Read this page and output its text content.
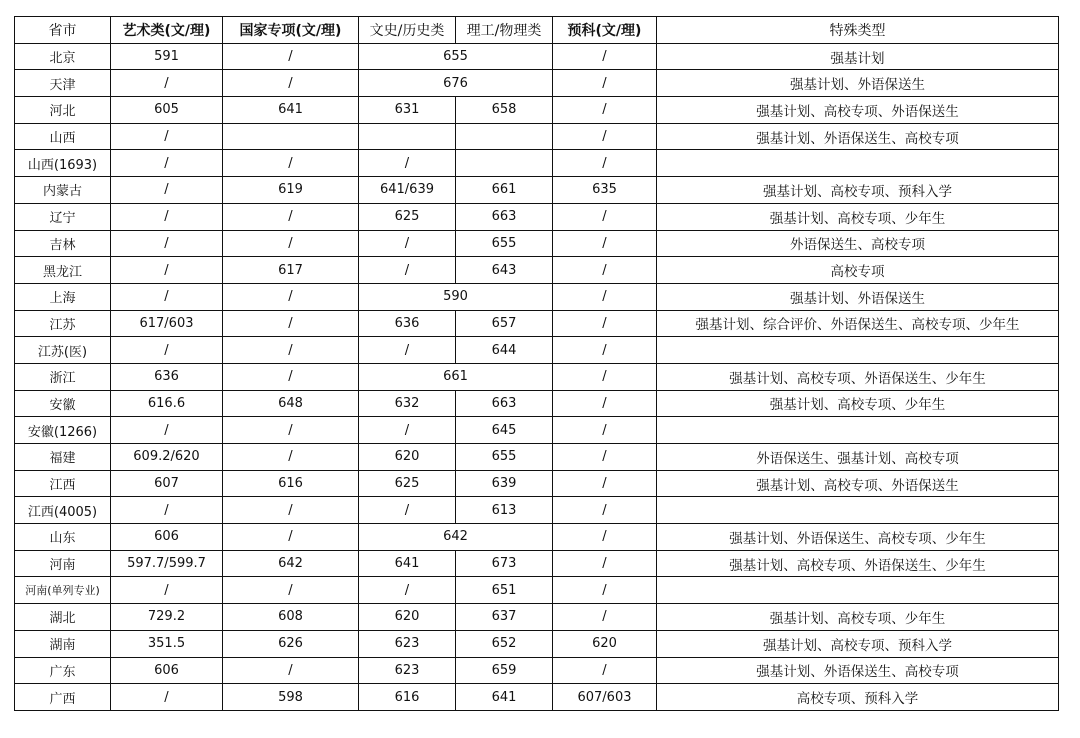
省市	艺术类(文/理)	国家专项(文/理)	文史/历史类	理工/物理类	预科(文/理)	特殊类型
北京	591	/	655		/	强基计划
天津	/	/	676		/	强基计划、外语保送生
河北	605	641	631	658	/	强基计划、高校专项、外语保送生
山西	/				/	强基计划、外语保送生、高校专项
山西(1693)	/	/	/		/	
内蒙古	/	619	641/639	661	635	强基计划、高校专项、预科入学
辽宁	/	/	625	663	/	强基计划、高校专项、少年生
吉林	/	/	/	655	/	外语保送生、高校专项
黑龙江	/	617	/	643	/	高校专项
上海	/	/	590		/	强基计划、外语保送生
江苏	617/603	/	636	657	/	强基计划、综合评价、外语保送生、高校专项、少年生
江苏(医)	/	/	/	644	/	
浙江	636	/	661		/	强基计划、高校专项、外语保送生、少年生
安徽	616.6	648	632	663	/	强基计划、高校专项、少年生
安徽(1266)	/	/	/	645	/	
福建	609.2/620	/	620	655	/	外语保送生、强基计划、高校专项
江西	607	616	625	639	/	强基计划、高校专项、外语保送生
江西(4005)	/	/	/	613	/	
山东	606	/	642		/	强基计划、外语保送生、高校专项、少年生
河南	597.7/599.7	642	641	673	/	强基计划、高校专项、外语保送生、少年生
河南(单列专业)	/	/	/	651	/	
湖北	729.2	608	620	637	/	强基计划、高校专项、少年生
湖南	351.5	626	623	652	620	强基计划、高校专项、预科入学
广东	606	/	623	659	/	强基计划、外语保送生、高校专项
广西	/	598	616	641	607/603	高校专项、预科入学
